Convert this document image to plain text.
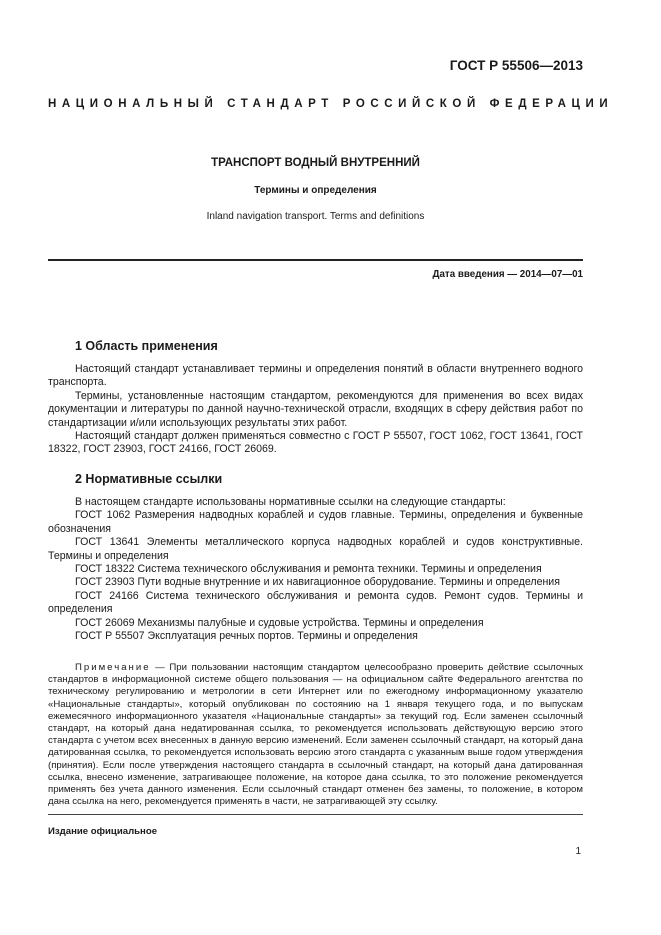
ГОСТ Р 55506—2013
НАЦИОНАЛЬНЫЙ СТАНДАРТ РОССИЙСКОЙ ФЕДЕРАЦИИ
ТРАНСПОРТ ВОДНЫЙ ВНУТРЕННИЙ
Термины и определения
Inland navigation transport. Terms and definitions
Дата введения — 2014—07—01
1 Область применения

Настоящий стандарт устанавливает термины и определения понятий в области внутреннего водного транспорта.

Термины, установленные настоящим стандартом, рекомендуются для применения во всех видах документации и литературы по данной научно-технической отрасли, входящих в сферу действия работ по стандартизации и/или использующих результаты этих работ.

Настоящий стандарт должен применяться совместно с ГОСТ Р 55507, ГОСТ 1062, ГОСТ 13641, ГОСТ 18322, ГОСТ 23903, ГОСТ 24166, ГОСТ 26069.

2 Нормативные ссылки

В настоящем стандарте использованы нормативные ссылки на следующие стандарты:

ГОСТ 1062 Размерения надводных кораблей и судов главные. Термины, определения и буквенные обозначения

ГОСТ 13641 Элементы металлического корпуса надводных кораблей и судов конструктивные. Термины и определения

ГОСТ 18322 Система технического обслуживания и ремонта техники. Термины и определения

ГОСТ 23903 Пути водные внутренние и их навигационное оборудование. Термины и определения

ГОСТ 24166 Система технического обслуживания и ремонта судов. Ремонт судов. Термины и определения

ГОСТ 26069 Механизмы палубные и судовые устройства. Термины и определения

ГОСТ Р 55507 Эксплуатация речных портов. Термины и определения

Примечание — При пользовании настоящим стандартом целесообразно проверить действие ссылочных стандартов в информационной системе общего пользования — на официальном сайте Федерального агентства по техническому регулированию и метрологии в сети Интернет или по ежегодному информационному указателю «Национальные стандарты», который опубликован по состоянию на 1 января текущего года, и по выпускам ежемесячного информационного указателя «Национальные стандарты» за текущий год. Если заменен ссылочный стандарт, на который дана недатированная ссылка, то рекомендуется использовать действующую версию этого стандарта с учетом всех внесенных в данную версию изменений. Если заменен ссылочный стандарт, на который дана датированная ссылка, то рекомендуется использовать версию этого стандарта с указанным выше годом утверждения (принятия). Если после утверждения настоящего стандарта в ссылочный стандарт, на который дана датированная ссылка, внесено изменение, затрагивающее положение, на которое дана ссылка, то это положение рекомендуется применять без учета данного изменения. Если ссылочный стандарт отменен без замены, то положение, в котором дана ссылка на него, рекомендуется применять в части, не затрагивающей эту ссылку.
Издание официальное
1
